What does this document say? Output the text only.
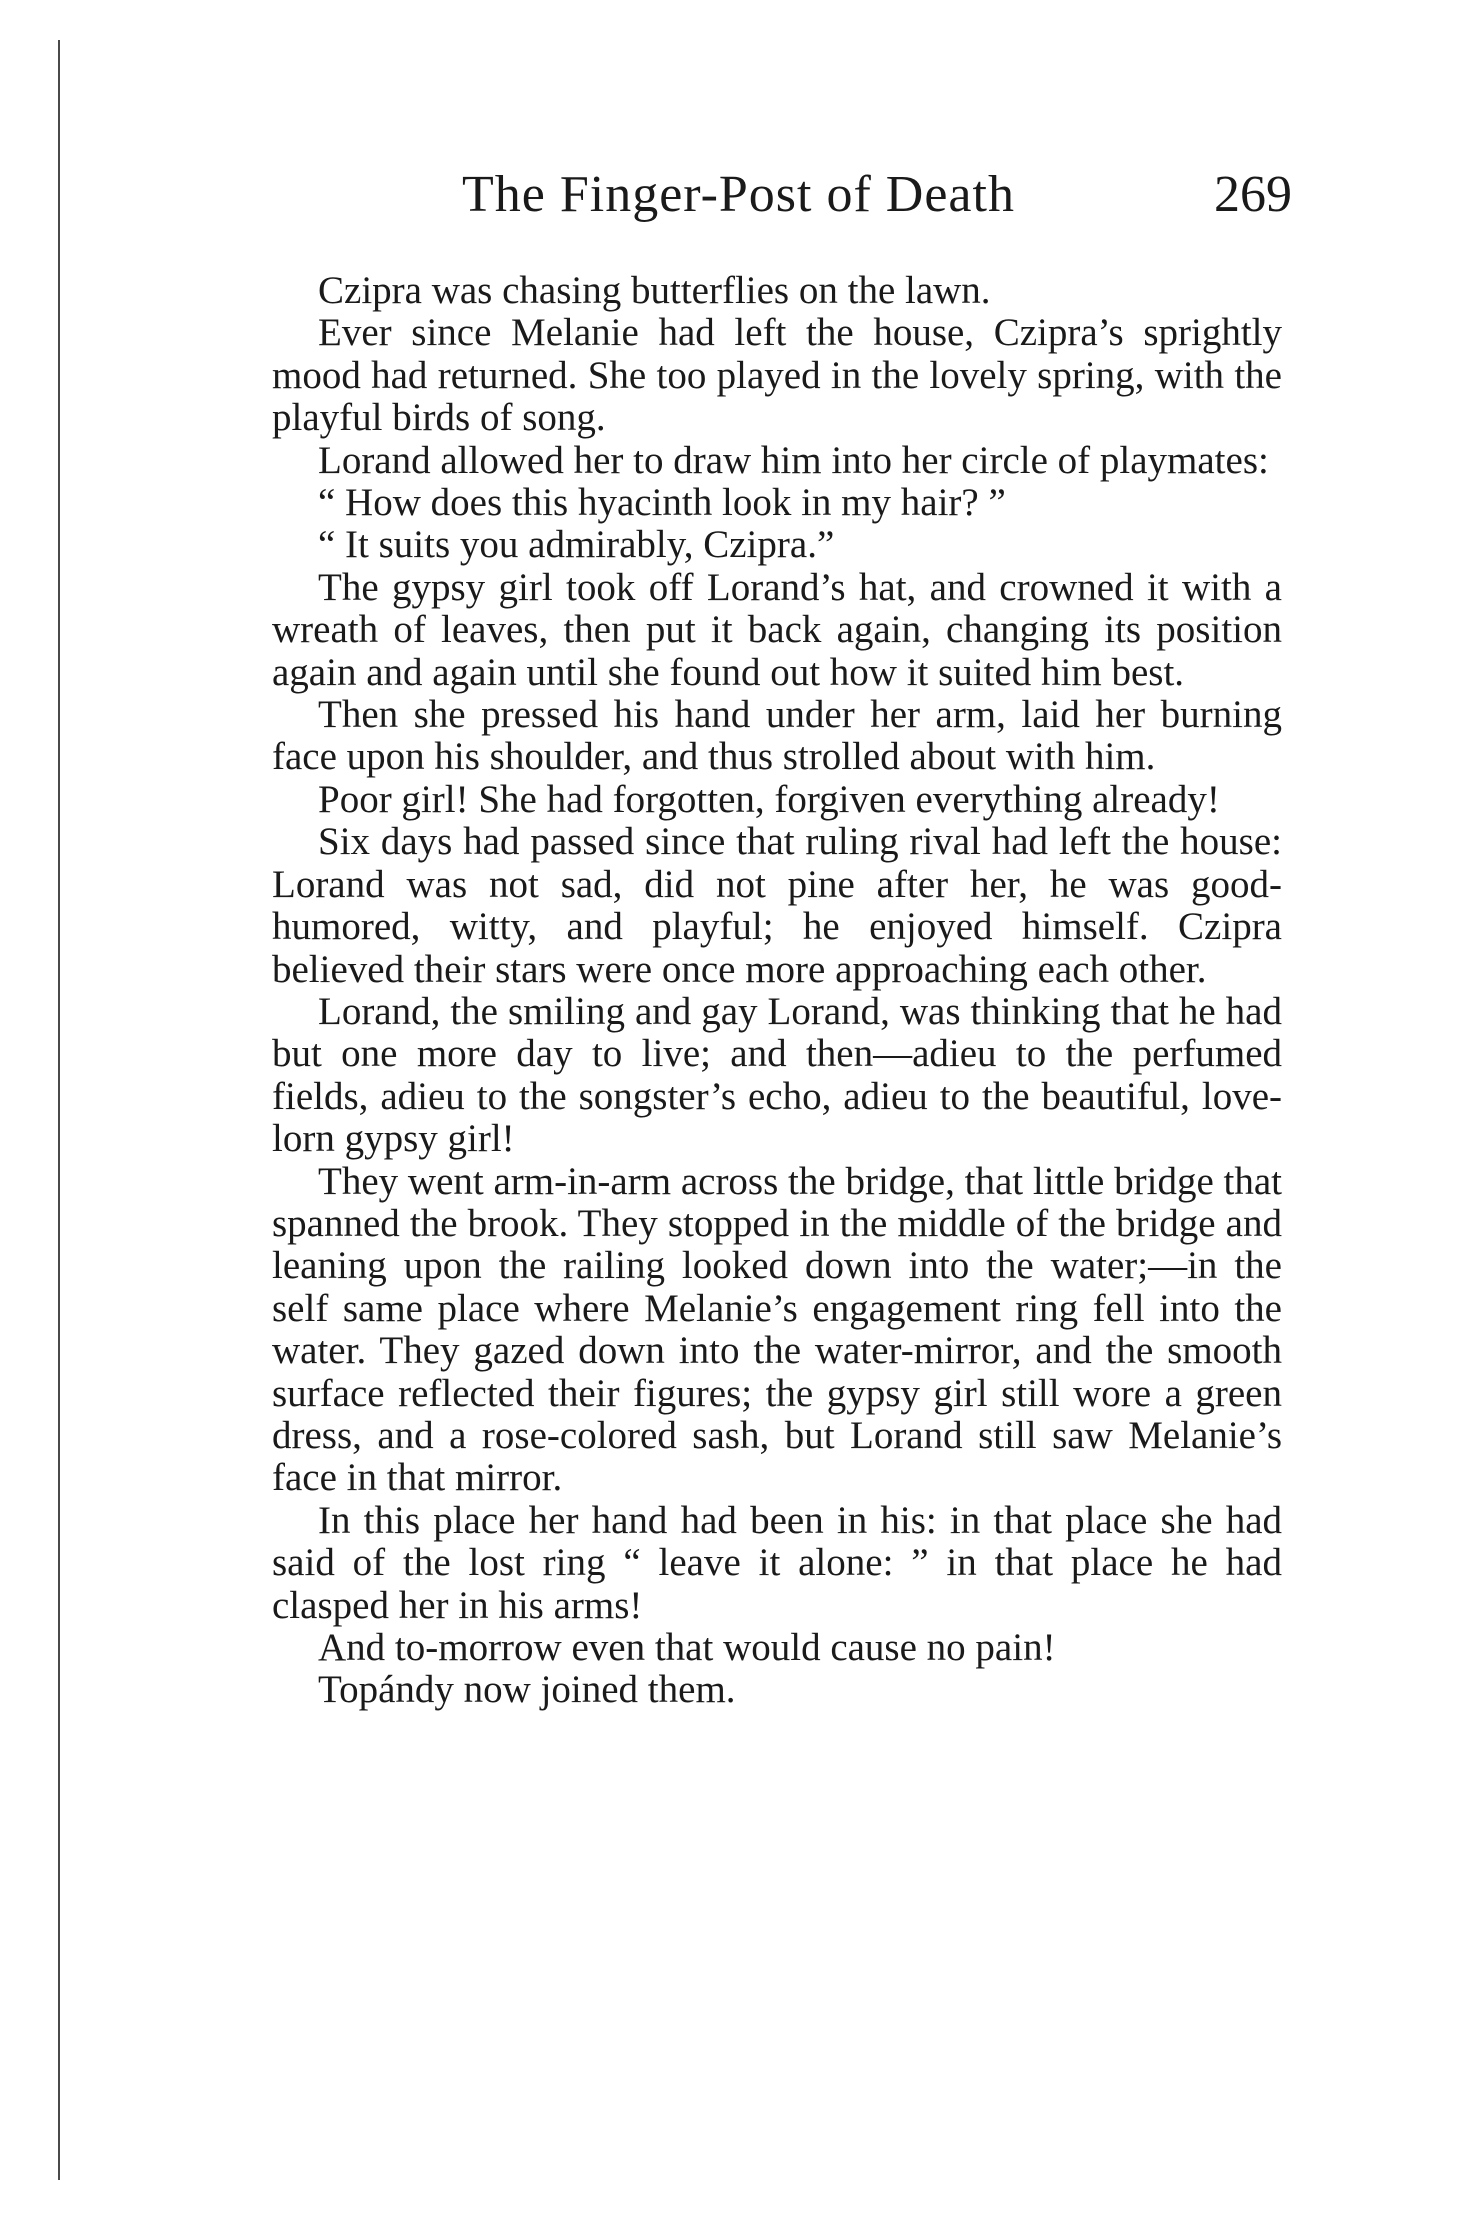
The Finger-Post of Death	269

Czipra was chasing butterflies on the lawn.

Ever since Melanie had left the house, Czipra’s sprightly mood had returned. She too played in the lovely spring, with the playful birds of song.

Lorand allowed her to draw him into her circle of playmates:

“ How does this hyacinth look in my hair? ”

“ It suits you admirably, Czipra.”

The gypsy girl took off Lorand’s hat, and crowned it with a wreath of leaves, then put it back again, changing its position again and again until she found out how it suited him best.

Then she pressed his hand under her arm, laid her burning face upon his shoulder, and thus strolled about with him.

Poor girl! She had forgotten, forgiven everything already!

Six days had passed since that ruling rival had left the house: Lorand was not sad, did not pine after her, he was good-humored, witty, and playful; he enjoyed himself. Czipra believed their stars were once more approaching each other.

Lorand, the smiling and gay Lorand, was thinking that he had but one more day to live; and then—adieu to the perfumed fields, adieu to the songster’s echo, adieu to the beautiful, love-lorn gypsy girl!

They went arm-in-arm across the bridge, that little bridge that spanned the brook. They stopped in the middle of the bridge and leaning upon the railing looked down into the water;—in the self same place where Melanie’s engagement ring fell into the water. They gazed down into the water-mirror, and the smooth surface reflected their figures; the gypsy girl still wore a green dress, and a rose-colored sash, but Lorand still saw Melanie’s face in that mirror.

In this place her hand had been in his: in that place she had said of the lost ring “ leave it alone: ” in that place he had clasped her in his arms!

And to-morrow even that would cause no pain!

Topándy now joined them.
